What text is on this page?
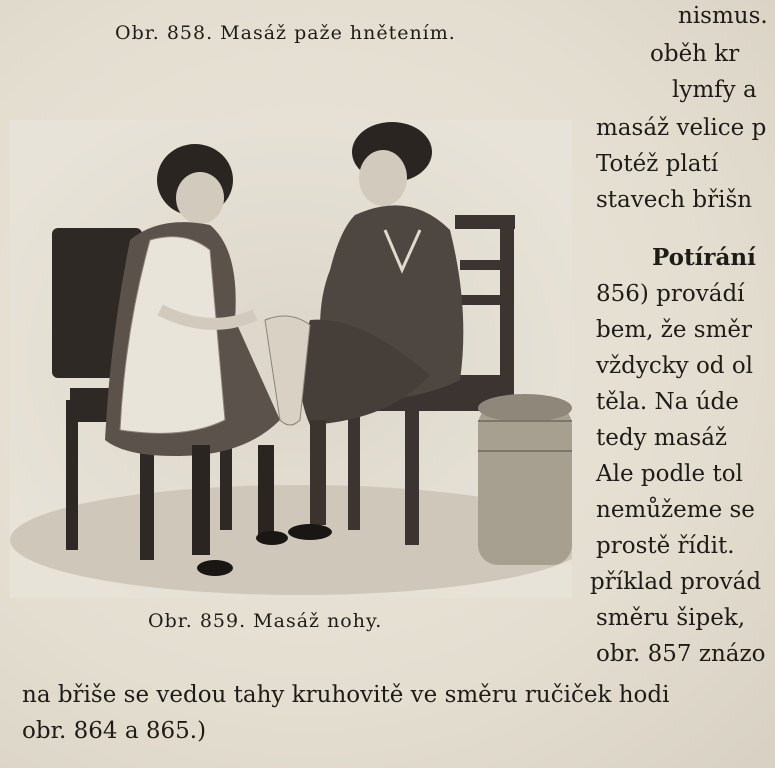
Obr. 858. Masáž paže hnětením.
Obr. 859. Masáž nohy.
nismus.
oběh kr
lymfy a
masáž velice p
Totéž platí
stavech břišn
Potírání
856) provádí
bem, že směr
vždycky od ol
těla. Na úde
tedy masáž
Ale podle tol
nemůžeme se
prostě řídit.
příklad provád
směru šipek,
obr. 857 znázo
na břiše se vedou tahy kruhovitě ve směru ručiček hodi
obr. 864 a 865.)
